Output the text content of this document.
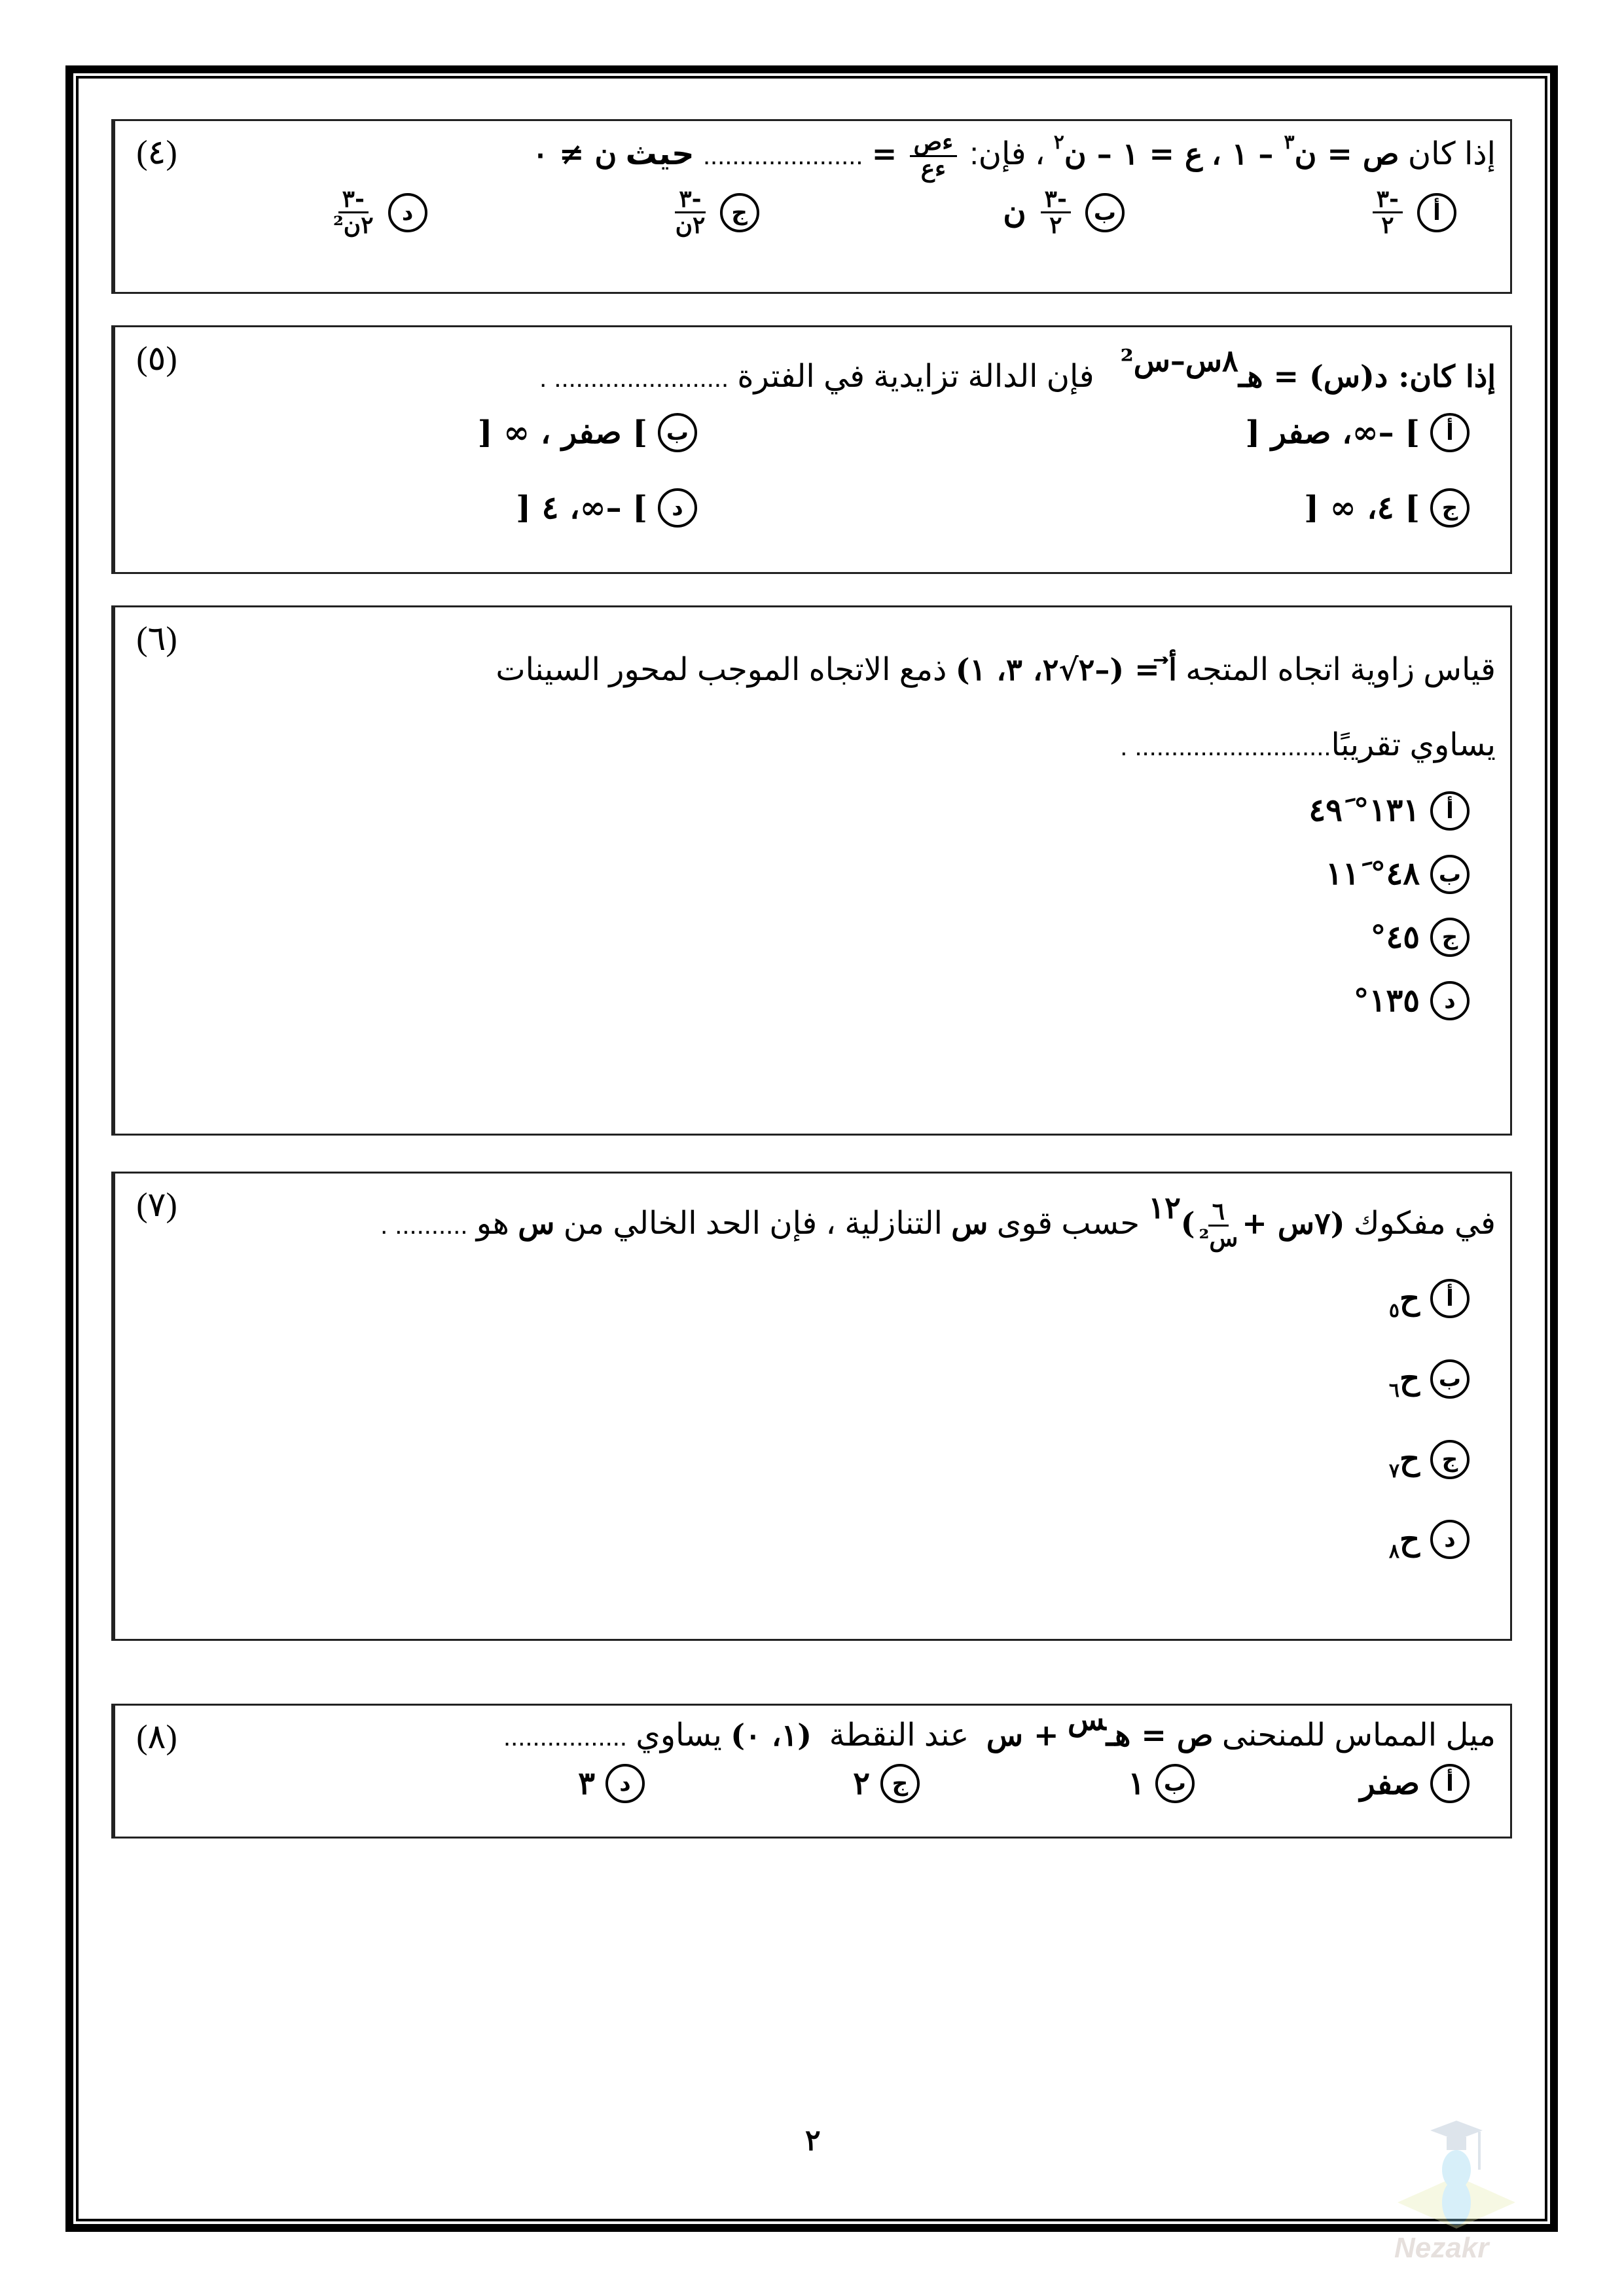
(٤)	إذا كان ص = ن$^٣$ – ١ ، ع = ١ – ن$^٢$ ، فإن:
$\frac{\text{ءص}}{\text{ءع}}$
= ...................... حيث ن ≠ ٠
أ
$\frac{-٣}{٢}$
ب
$\frac{-٣}{٢}$
ن
ج
$\frac{-٣}{\text{٢ن}}$
د
$\frac{-٣}{\text{٢ن²}}$
(٥)	إذا كان: د(س) = هـ$^{٨س-س^2}$   فإن الدالة تزايدية في الفترة ........................ .
أ
] –∞، صفر [
ب
] صفر ، ∞ [
ج
] ٤، ∞ [
د
] –∞، ٤ [
(٦)
قياس زاوية اتجاه المتجه أ⃗ = (–٢√٢، ٣، ١) ذمع الاتجاه الموجب لمحور السينات
يساوي تقريبًا........................... .
أ
١٣١° ٤٩َ
ب
٤٨° ١١َ
ج
٤٥°
د
١٣٥°
(٧)	في مفكوك (٧س +
$\frac{٦}{\text{س²}}$
)$^{١٢}$ حسب قوى س التنازلية ، فإن الحد الخالي من س هو .......... .
أ
ح$_٥$
ب
ح$_٦$
ج
ح$_٧$
د
ح$_٨$
(٨)	ميل المماس للمنحنى ص = هـ$^س$ + س  عند النقطة  (١، ٠) يساوي .................
أ
صفر
ب
١
ج
٢
د
٣
٢
Nezakr
